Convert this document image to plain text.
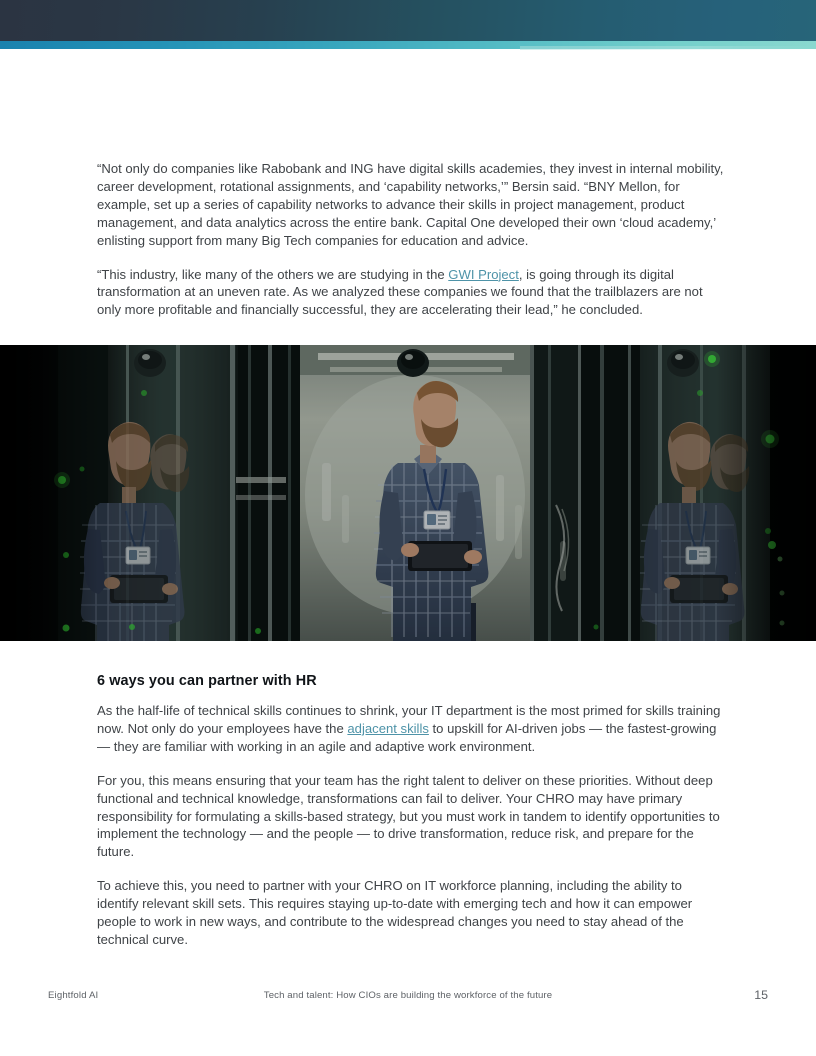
“Not only do companies like Rabobank and ING have digital skills academies, they invest in internal mobility, career development, rotational assignments, and ‘capability networks,’” Bersin said. “BNY Mellon, for example, set up a series of capability networks to advance their skills in project management, product management, and data analytics across the entire bank. Capital One developed their own ‘cloud academy,’ enlisting support from many Big Tech companies for education and advice.

“This industry, like many of the others we are studying in the GWI Project, is going through its digital transformation at an uneven rate. As we analyzed these companies we found that the trailblazers are not only more profitable and financially successful, they are accelerating their lead,” he concluded.

6 ways you can partner with HR

As the half-life of technical skills continues to shrink, your IT department is the most primed for skills training now. Not only do your employees have the adjacent skills to upskill for AI-driven jobs — the fastest-growing — they are familiar with working in an agile and adaptive work environment.

For you, this means ensuring that your team has the right talent to deliver on these priorities. Without deep functional and technical knowledge, transformations can fail to deliver. Your CHRO may have primary responsibility for formulating a skills-based strategy, but you must work in tandem to identify opportunities to implement the technology — and the people — to drive transformation, reduce risk, and prepare for the future.

To achieve this, you need to partner with your CHRO on IT workforce planning, including the ability to identify relevant skill sets. This requires staying up-to-date with emerging tech and how it can empower people to work in new ways, and contribute to the widespread changes you need to stay ahead of the technical curve.

Eightfold AI	Tech and talent: How CIOs are building the workforce of the future	15
